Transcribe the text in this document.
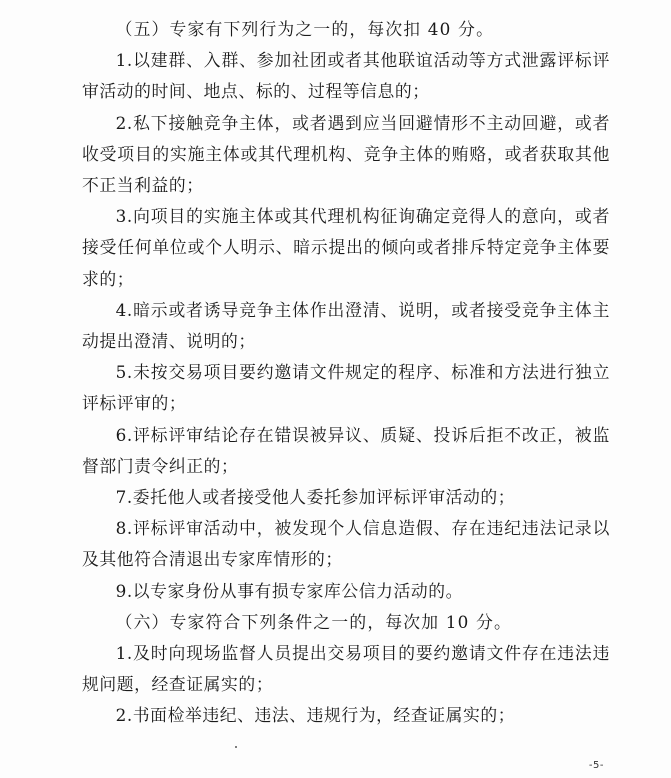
（五）专家有下列行为之一的，每次扣 40 分。

1.以建群、入群、参加社团或者其他联谊活动等方式泄露评标评审活动的时间、地点、标的、过程等信息的；

2.私下接触竞争主体，或者遇到应当回避情形不主动回避，或者收受项目的实施主体或其代理机构、竞争主体的贿赂，或者获取其他不正当利益的；

3.向项目的实施主体或其代理机构征询确定竞得人的意向，或者接受任何单位或个人明示、暗示提出的倾向或者排斥特定竞争主体要求的；

4.暗示或者诱导竞争主体作出澄清、说明，或者接受竞争主体主动提出澄清、说明的；

5.未按交易项目要约邀请文件规定的程序、标准和方法进行独立评标评审的；

6.评标评审结论存在错误被异议、质疑、投诉后拒不改正，被监督部门责令纠正的；

7.委托他人或者接受他人委托参加评标评审活动的；

8.评标评审活动中，被发现个人信息造假、存在违纪违法记录以及其他符合清退出专家库情形的；

9.以专家身份从事有损专家库公信力活动的。

（六）专家符合下列条件之一的，每次加 10 分。

1.及时向现场监督人员提出交易项目的要约邀请文件存在违法违规问题，经查证属实的；

2.书面检举违纪、违法、违规行为，经查证属实的；

-5-
